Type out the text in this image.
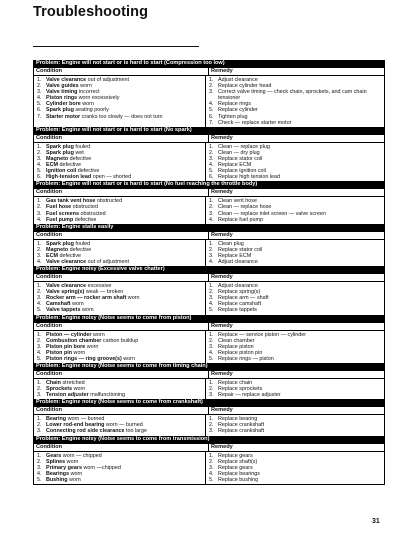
Troubleshooting
Problem: Engine will not start or is hard to start (Compression too low)
Condition	Remedy
1. Valve clearance out of adjustment
2. Valve guides worn
3. Valve timing incorrect
4. Piston rings worn excessively
5. Cylinder bore worn
6. Spark plug seating poorly
7. Starter motor cranks too slowly — does not turn
1. Adjust clearance
2. Replace cylinder head
3. Correct valve timing — check chain, sprockets, and cam chain tensioner
4. Replace rings
5. Replace cylinder
6. Tighten plug
7. Check — replace starter motor
Problem: Engine will not start or is hard to start (No spark)
Condition	Remedy
1. Spark plug fouled
2. Spark plug wet
3. Magneto defective
4. ECM defective
5. Ignition coil defective
6. High-tension lead open — shorted
1. Clean — replace plug
2. Clean — dry plug
3. Replace stator coil
4. Replace ECM
5. Replace ignition coil
6. Replace high tension lead
Problem: Engine will not start or is hard to start (No fuel reaching the throttle body)
Condition	Remedy
1. Gas tank vent hose obstructed
2. Fuel hose obstructed
3. Fuel screens obstructed
4. Fuel pump defective
1. Clean vent hose
2. Clean — replace hose
3. Clean — replace inlet screen — valve screen
4. Replace fuel pump
Problem: Engine stalls easily
Condition	Remedy
1. Spark plug fouled
2. Magneto defective
3. ECM defective
4. Valve clearance out of adjustment
1. Clean plug
2. Replace stator coil
3. Replace ECM
4. Adjust clearance
Problem: Engine noisy (Excessive valve chatter)
Condition	Remedy
1. Valve clearance excessive
2. Valve spring(s) weak — broken
3. Rocker arm — rocker arm shaft worn
4. Camshaft worn
5. Valve tappets worn
1. Adjust clearance
2. Replace spring(s)
3. Replace arm — shaft
4. Replace camshaft
5. Replace tappets
Problem: Engine noisy (Noise seems to come from piston)
Condition	Remedy
1. Piston — cylinder worn
2. Combustion chamber carbon buildup
3. Piston pin bore worn
4. Piston pin worn
5. Piston rings — ring groove(s) worn
1. Replace — service piston — cylinder
2. Clean chamber
3. Replace piston
4. Replace piston pin
5. Replace rings — piston
Problem: Engine noisy (Noise seems to come from timing chain)
Condition	Remedy
1. Chain stretched
2. Sprockets worn
3. Tension adjuster malfunctioning
1. Replace chain
2. Replace sprockets
3. Repair — replace adjuster
Problem: Engine noisy (Noise seems to come from crankshaft)
Condition	Remedy
1. Bearing worn — burned
2. Lower rod-end bearing worn — burned
3. Connecting rod side clearance too large
1. Replace bearing
2. Replace crankshaft
3. Replace crankshaft
Problem: Engine noisy (Noise seems to come from transmission)
Condition	Remedy
1. Gears worn — chipped
2. Splines worn
3. Primary gears worn —chipped
4. Bearings worn
5. Bushing worn
1. Replace gears
2. Replace shaft(s)
3. Replace gears
4. Replace bearings
5. Replace bushing
31
